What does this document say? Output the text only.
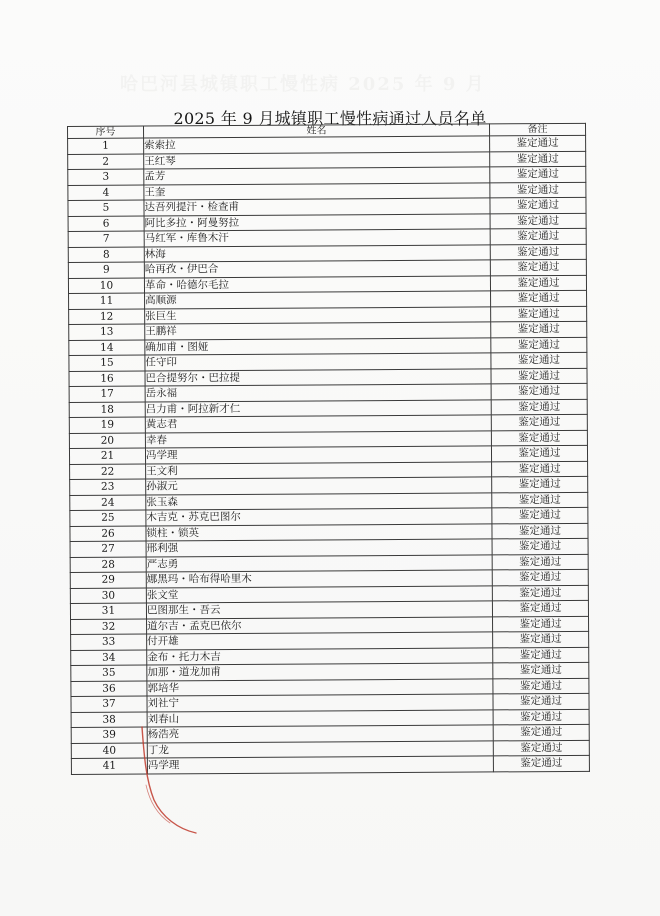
2025 年 9 月城镇职工慢性病通过人员名单
序号	姓名	备注
1	索索拉	鉴定通过
2	王红琴	鉴定通过
3	孟芳	鉴定通过
4	王奎	鉴定通过
5	达吾列提汗・检查甫	鉴定通过
6	阿比多拉・阿曼努拉	鉴定通过
7	马红军・库鲁木汗	鉴定通过
8	林海	鉴定通过
9	哈再孜・伊巴合	鉴定通过
10	革命・哈德尔毛拉	鉴定通过
11	高顺源	鉴定通过
12	张巨生	鉴定通过
13	王鹏祥	鉴定通过
14	确加甫・图娅	鉴定通过
15	任守印	鉴定通过
16	巴合提努尔・巴拉提	鉴定通过
17	岳永福	鉴定通过
18	吕力甫・阿拉新才仁	鉴定通过
19	黄志君	鉴定通过
20	幸春	鉴定通过
21	冯学理	鉴定通过
22	王文利	鉴定通过
23	孙淑元	鉴定通过
24	张玉森	鉴定通过
25	木吉克・苏克巴图尔	鉴定通过
26	锁柱・锁英	鉴定通过
27	邢利强	鉴定通过
28	严志勇	鉴定通过
29	娜黑玛・哈布得哈里木	鉴定通过
30	张文堂	鉴定通过
31	巴图那生・吾云	鉴定通过
32	道尔吉・孟克巴依尔	鉴定通过
33	付开雄	鉴定通过
34	金布・托力木吉	鉴定通过
35	加那・道龙加甫	鉴定通过
36	郭培华	鉴定通过
37	刘社宁	鉴定通过
38	刘春山	鉴定通过
39	杨浩亮	鉴定通过
40	丁龙	鉴定通过
41	冯学理	鉴定通过
